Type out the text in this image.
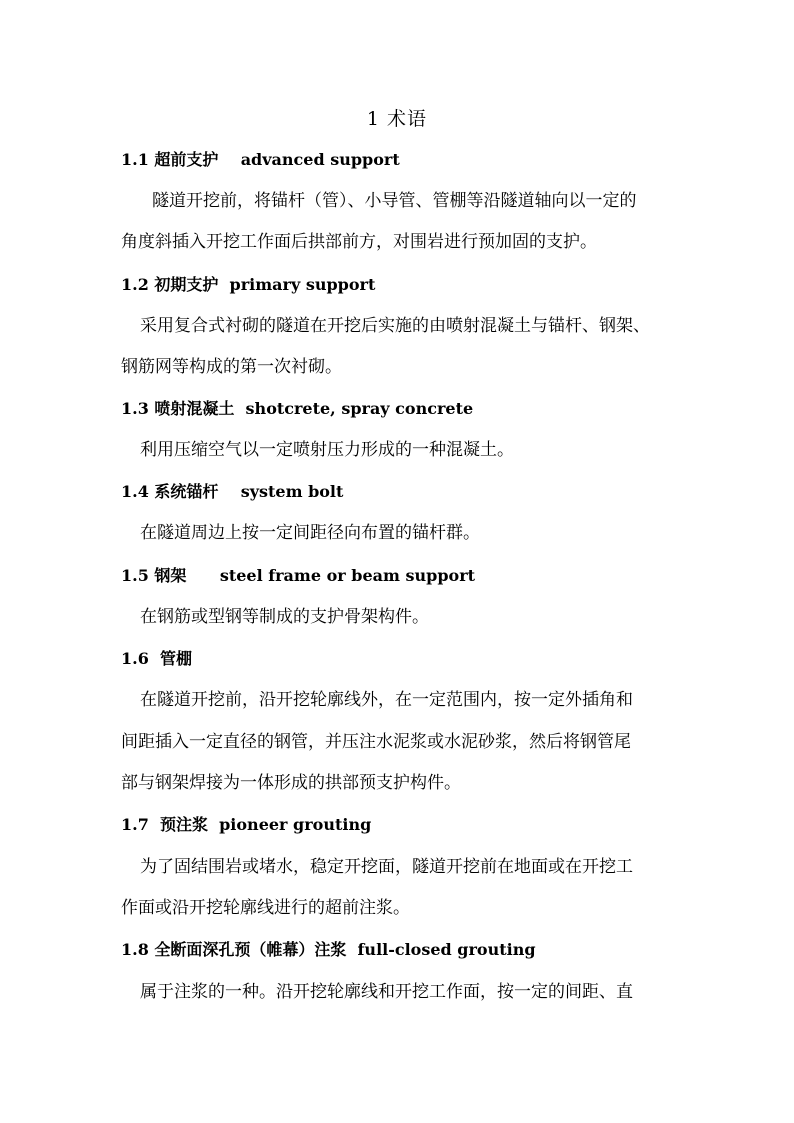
1 术语
1.1 超前支护    advanced support
隧道开挖前，将锚杆（管）、小导管、管棚等沿隧道轴向以一定的
角度斜插入开挖工作面后拱部前方，对围岩进行预加固的支护。
1.2 初期支护  primary support
采用复合式衬砌的隧道在开挖后实施的由喷射混凝土与锚杆、钢架、
钢筋网等构成的第一次衬砌。
1.3 喷射混凝土  shotcrete, spray concrete
利用压缩空气以一定喷射压力形成的一种混凝土。
1.4 系统锚杆    system bolt
在隧道周边上按一定间距径向布置的锚杆群。
1.5 钢架      steel frame or beam support
在钢筋或型钢等制成的支护骨架构件。
1.6  管棚
在隧道开挖前，沿开挖轮廓线外，在一定范围内，按一定外插角和
间距插入一定直径的钢管，并压注水泥浆或水泥砂浆，然后将钢管尾
部与钢架焊接为一体形成的拱部预支护构件。
1.7  预注浆  pioneer grouting
为了固结围岩或堵水，稳定开挖面，隧道开挖前在地面或在开挖工
作面或沿开挖轮廓线进行的超前注浆。
1.8 全断面深孔预（帷幕）注浆  full-closed grouting
属于注浆的一种。沿开挖轮廓线和开挖工作面，按一定的间距、直
